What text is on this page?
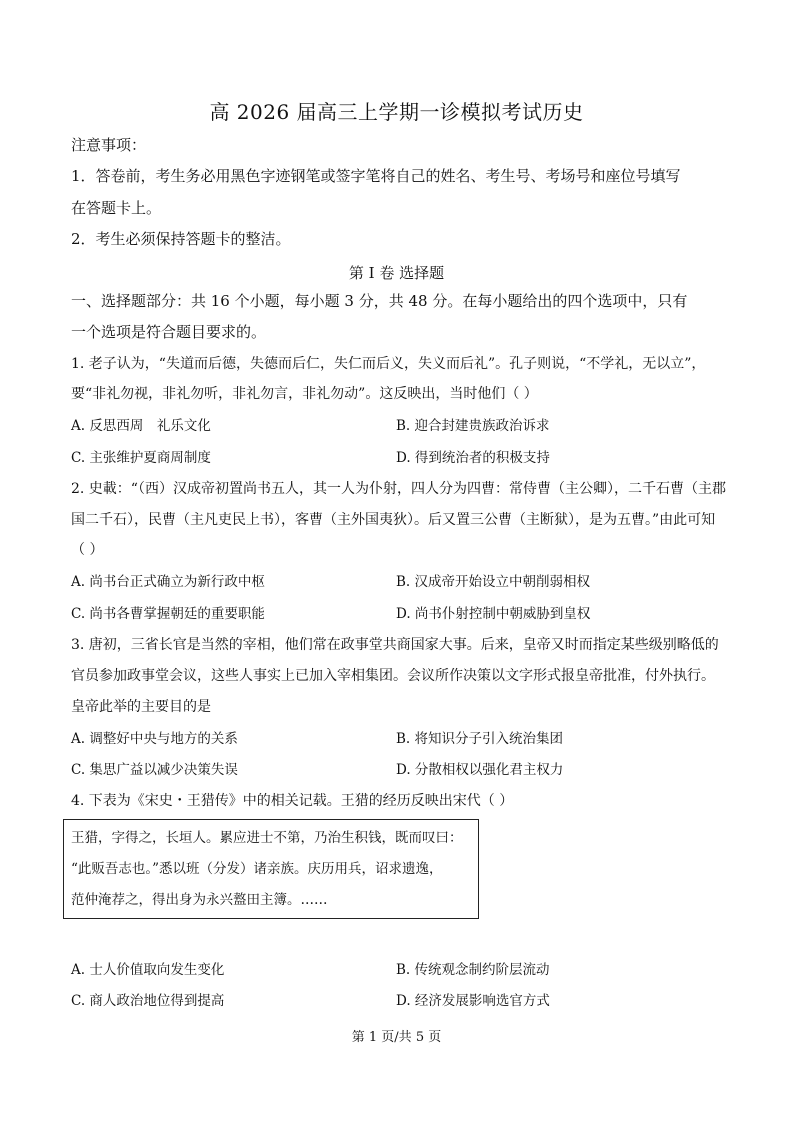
高 2026 届高三上学期一诊模拟考试历史
注意事项：
1．答卷前，考生务必用黑色字迹钢笔或签字笔将自己的姓名、考生号、考场号和座位号填写
在答题卡上。
2．考生必须保持答题卡的整洁。
第 I 卷 选择题
一、选择题部分：共 16 个小题，每小题 3 分，共 48 分。在每小题给出的四个选项中，只有
一个选项是符合题目要求的。
1. 老子认为，“失道而后德，失德而后仁，失仁而后义，失义而后礼”。孔子则说，“不学礼，无以立”，
要“非礼勿视，非礼勿听，非礼勿言，非礼勿动”。这反映出，当时他们（ ）
A. 反思西周　礼乐文化	B. 迎合封建贵族政治诉求
C. 主张维护夏商周制度	D. 得到统治者的积极支持
2. 史載：“（西）汉成帝初置尚书五人，其一人为仆射，四人分为四曹：常侍曹（主公卿），二千石曹（主郡
国二千石），民曹（主凡吏民上书），客曹（主外国夷狄）。后又置三公曹（主断狱），是为五曹。”由此可知
（ ）
A. 尚书台正式确立为新行政中枢	B. 汉成帝开始设立中朝削弱相权
C. 尚书各曹掌握朝廷的重要职能	D. 尚书仆射控制中朝威胁到皇权
3. 唐初，三省长官是当然的宰相，他们常在政事堂共商国家大事。后来，皇帝又时而指定某些级别略低的
官员参加政事堂会议，这些人事实上已加入宰相集团。会议所作决策以文字形式报皇帝批准，付外执行。
皇帝此举的主要目的是
A. 调整好中央与地方的关系	B. 将知识分子引入统治集团
C. 集思广益以减少决策失误	D. 分散相权以强化君主权力
4. 下表为《宋史・王猎传》中的相关记载。王猎的经历反映出宋代（ ）
王猎，字得之，长垣人。累应进士不第，乃治生积钱，既而叹曰：
“此贩吾志也。”悉以班（分发）诸亲族。庆历用兵，诏求遗逸，
范仲淹荐之，得出身为永兴盩田主簿。……
A. 士人价值取向发生变化	B. 传统观念制约阶层流动
C. 商人政治地位得到提高	D. 经济发展影响选官方式
第 1 页/共 5 页
